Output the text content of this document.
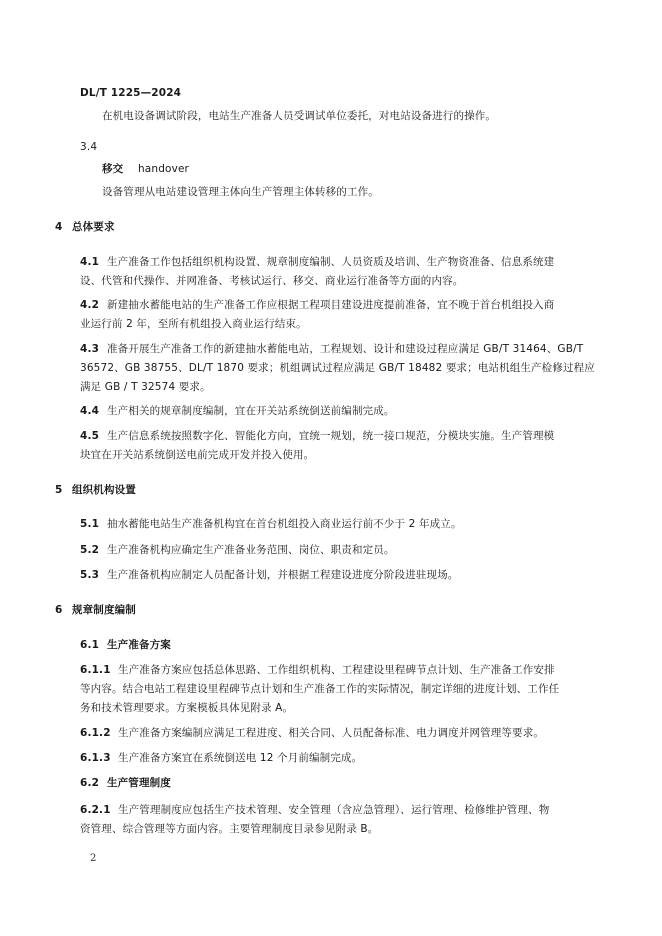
DL/T 1225—2024
在机电设备调试阶段，电站生产准备人员受调试单位委托，对电站设备进行的操作。
3.4
移交 handover
设备管理从电站建设管理主体向生产管理主体转移的工作。
4 总体要求
4.1 生产准备工作包括组织机构设置、规章制度编制、人员资质及培训、生产物资准备、信息系统建
设、代管和代操作、并网准备、考核试运行、移交、商业运行准备等方面的内容。
4.2 新建抽水蓄能电站的生产准备工作应根据工程项目建设进度提前准备，宜不晚于首台机组投入商
业运行前 2 年，至所有机组投入商业运行结束。
4.3 准备开展生产准备工作的新建抽水蓄能电站，工程规划、设计和建设过程应满足 GB/T 31464、GB/T
36572、GB 38755、DL/T 1870 要求；机组调试过程应满足 GB/T 18482 要求；电站机组生产检修过程应
满足 GB / T 32574 要求。
4.4 生产相关的规章制度编制，宜在开关站系统倒送前编制完成。
4.5 生产信息系统按照数字化、智能化方向，宜统一规划，统一接口规范，分模块实施。生产管理模
块宜在开关站系统倒送电前完成开发并投入使用。
5 组织机构设置
5.1 抽水蓄能电站生产准备机构宜在首台机组投入商业运行前不少于 2 年成立。
5.2 生产准备机构应确定生产准备业务范围、岗位、职责和定员。
5.3 生产准备机构应制定人员配备计划，并根据工程建设进度分阶段进驻现场。
6 规章制度编制
6.1 生产准备方案
6.1.1 生产准备方案应包括总体思路、工作组织机构、工程建设里程碑节点计划、生产准备工作安排
等内容。结合电站工程建设里程碑节点计划和生产准备工作的实际情况，制定详细的进度计划、工作任
务和技术管理要求。方案模板具体见附录 A。
6.1.2 生产准备方案编制应满足工程进度、相关合同、人员配备标准、电力调度并网管理等要求。
6.1.3 生产准备方案宜在系统倒送电 12 个月前编制完成。
6.2 生产管理制度
6.2.1 生产管理制度应包括生产技术管理、安全管理（含应急管理）、运行管理、检修维护管理、物
资管理、综合管理等方面内容。主要管理制度目录参见附录 B。
2
